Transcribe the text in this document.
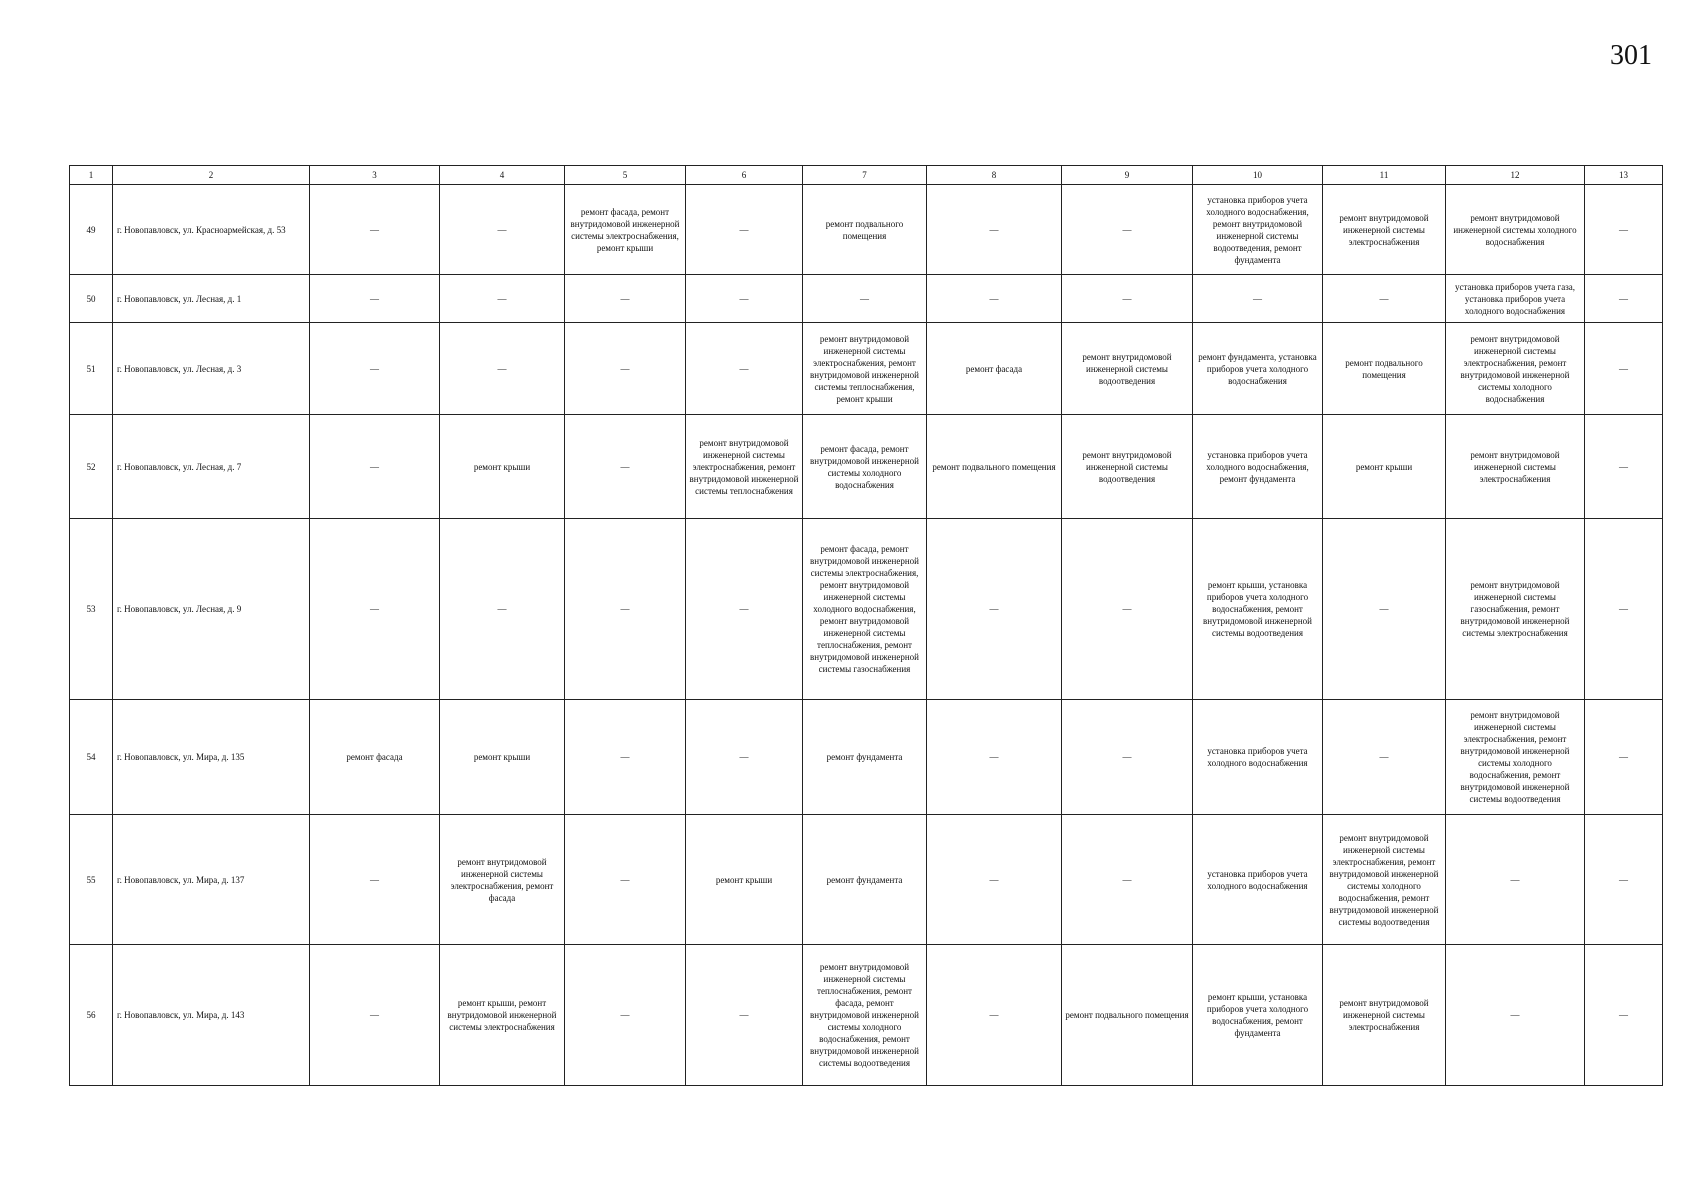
301
1	2	3	4	5	6	7	8	9	10	11	12	13
49	г. Новопавловск, ул. Красноармейская, д. 53	—	—	ремонт фасада, ремонт внутридомовой инженерной системы электроснабжения, ремонт крыши	—	ремонт подвального помещения	—	—	установка приборов учета холодного водоснабжения, ремонт внутридомовой инженерной системы водоотведения, ремонт фундамента	ремонт внутридомовой инженерной системы электроснабжения	ремонт внутридомовой инженерной системы холодного водоснабжения	—
50	г. Новопавловск, ул. Лесная, д. 1	—	—	—	—	—	—	—	—	—	установка приборов учета газа, установка приборов учета холодного водоснабжения	—
51	г. Новопавловск, ул. Лесная, д. 3	—	—	—	—	ремонт внутридомовой инженерной системы электроснабжения, ремонт внутридомовой инженерной системы теплоснабжения, ремонт крыши	ремонт фасада	ремонт внутридомовой инженерной системы водоотведения	ремонт фундамента, установка приборов учета холодного водоснабжения	ремонт подвального помещения	ремонт внутридомовой инженерной системы электроснабжения, ремонт внутридомовой инженерной системы холодного водоснабжения	—
52	г. Новопавловск, ул. Лесная, д. 7	—	ремонт крыши	—	ремонт внутридомовой инженерной системы электроснабжения, ремонт внутридомовой инженерной системы теплоснабжения	ремонт фасада, ремонт внутридомовой инженерной системы холодного водоснабжения	ремонт подвального помещения	ремонт внутридомовой инженерной системы водоотведения	установка приборов учета холодного водоснабжения, ремонт фундамента	ремонт крыши	ремонт внутридомовой инженерной системы электроснабжения	—
53	г. Новопавловск, ул. Лесная, д. 9	—	—	—	—	ремонт фасада, ремонт внутридомовой инженерной системы электроснабжения, ремонт внутридомовой инженерной системы холодного водоснабжения, ремонт внутридомовой инженерной системы теплоснабжения, ремонт внутридомовой инженерной системы газоснабжения	—	—	ремонт крыши, установка приборов учета холодного водоснабжения, ремонт внутридомовой инженерной системы водоотведения	—	ремонт внутридомовой инженерной системы газоснабжения, ремонт внутридомовой инженерной системы электроснабжения	—
54	г. Новопавловск, ул. Мира, д. 135	ремонт фасада	ремонт крыши	—	—	ремонт фундамента	—	—	установка приборов учета холодного водоснабжения	—	ремонт внутридомовой инженерной системы электроснабжения, ремонт внутридомовой инженерной системы холодного водоснабжения, ремонт внутридомовой инженерной системы водоотведения	—
55	г. Новопавловск, ул. Мира, д. 137	—	ремонт внутридомовой инженерной системы электроснабжения, ремонт фасада	—	ремонт крыши	ремонт фундамента	—	—	установка приборов учета холодного водоснабжения	ремонт внутридомовой инженерной системы электроснабжения, ремонт внутридомовой инженерной системы холодного водоснабжения, ремонт внутридомовой инженерной системы водоотведения	—	—
56	г. Новопавловск, ул. Мира, д. 143	—	ремонт крыши, ремонт внутридомовой инженерной системы электроснабжения	—	—	ремонт внутридомовой инженерной системы теплоснабжения, ремонт фасада, ремонт внутридомовой инженерной системы холодного водоснабжения, ремонт внутридомовой инженерной системы водоотведения	—	ремонт подвального помещения	ремонт крыши, установка приборов учета холодного водоснабжения, ремонт фундамента	ремонт внутридомовой инженерной системы электроснабжения	—	—
